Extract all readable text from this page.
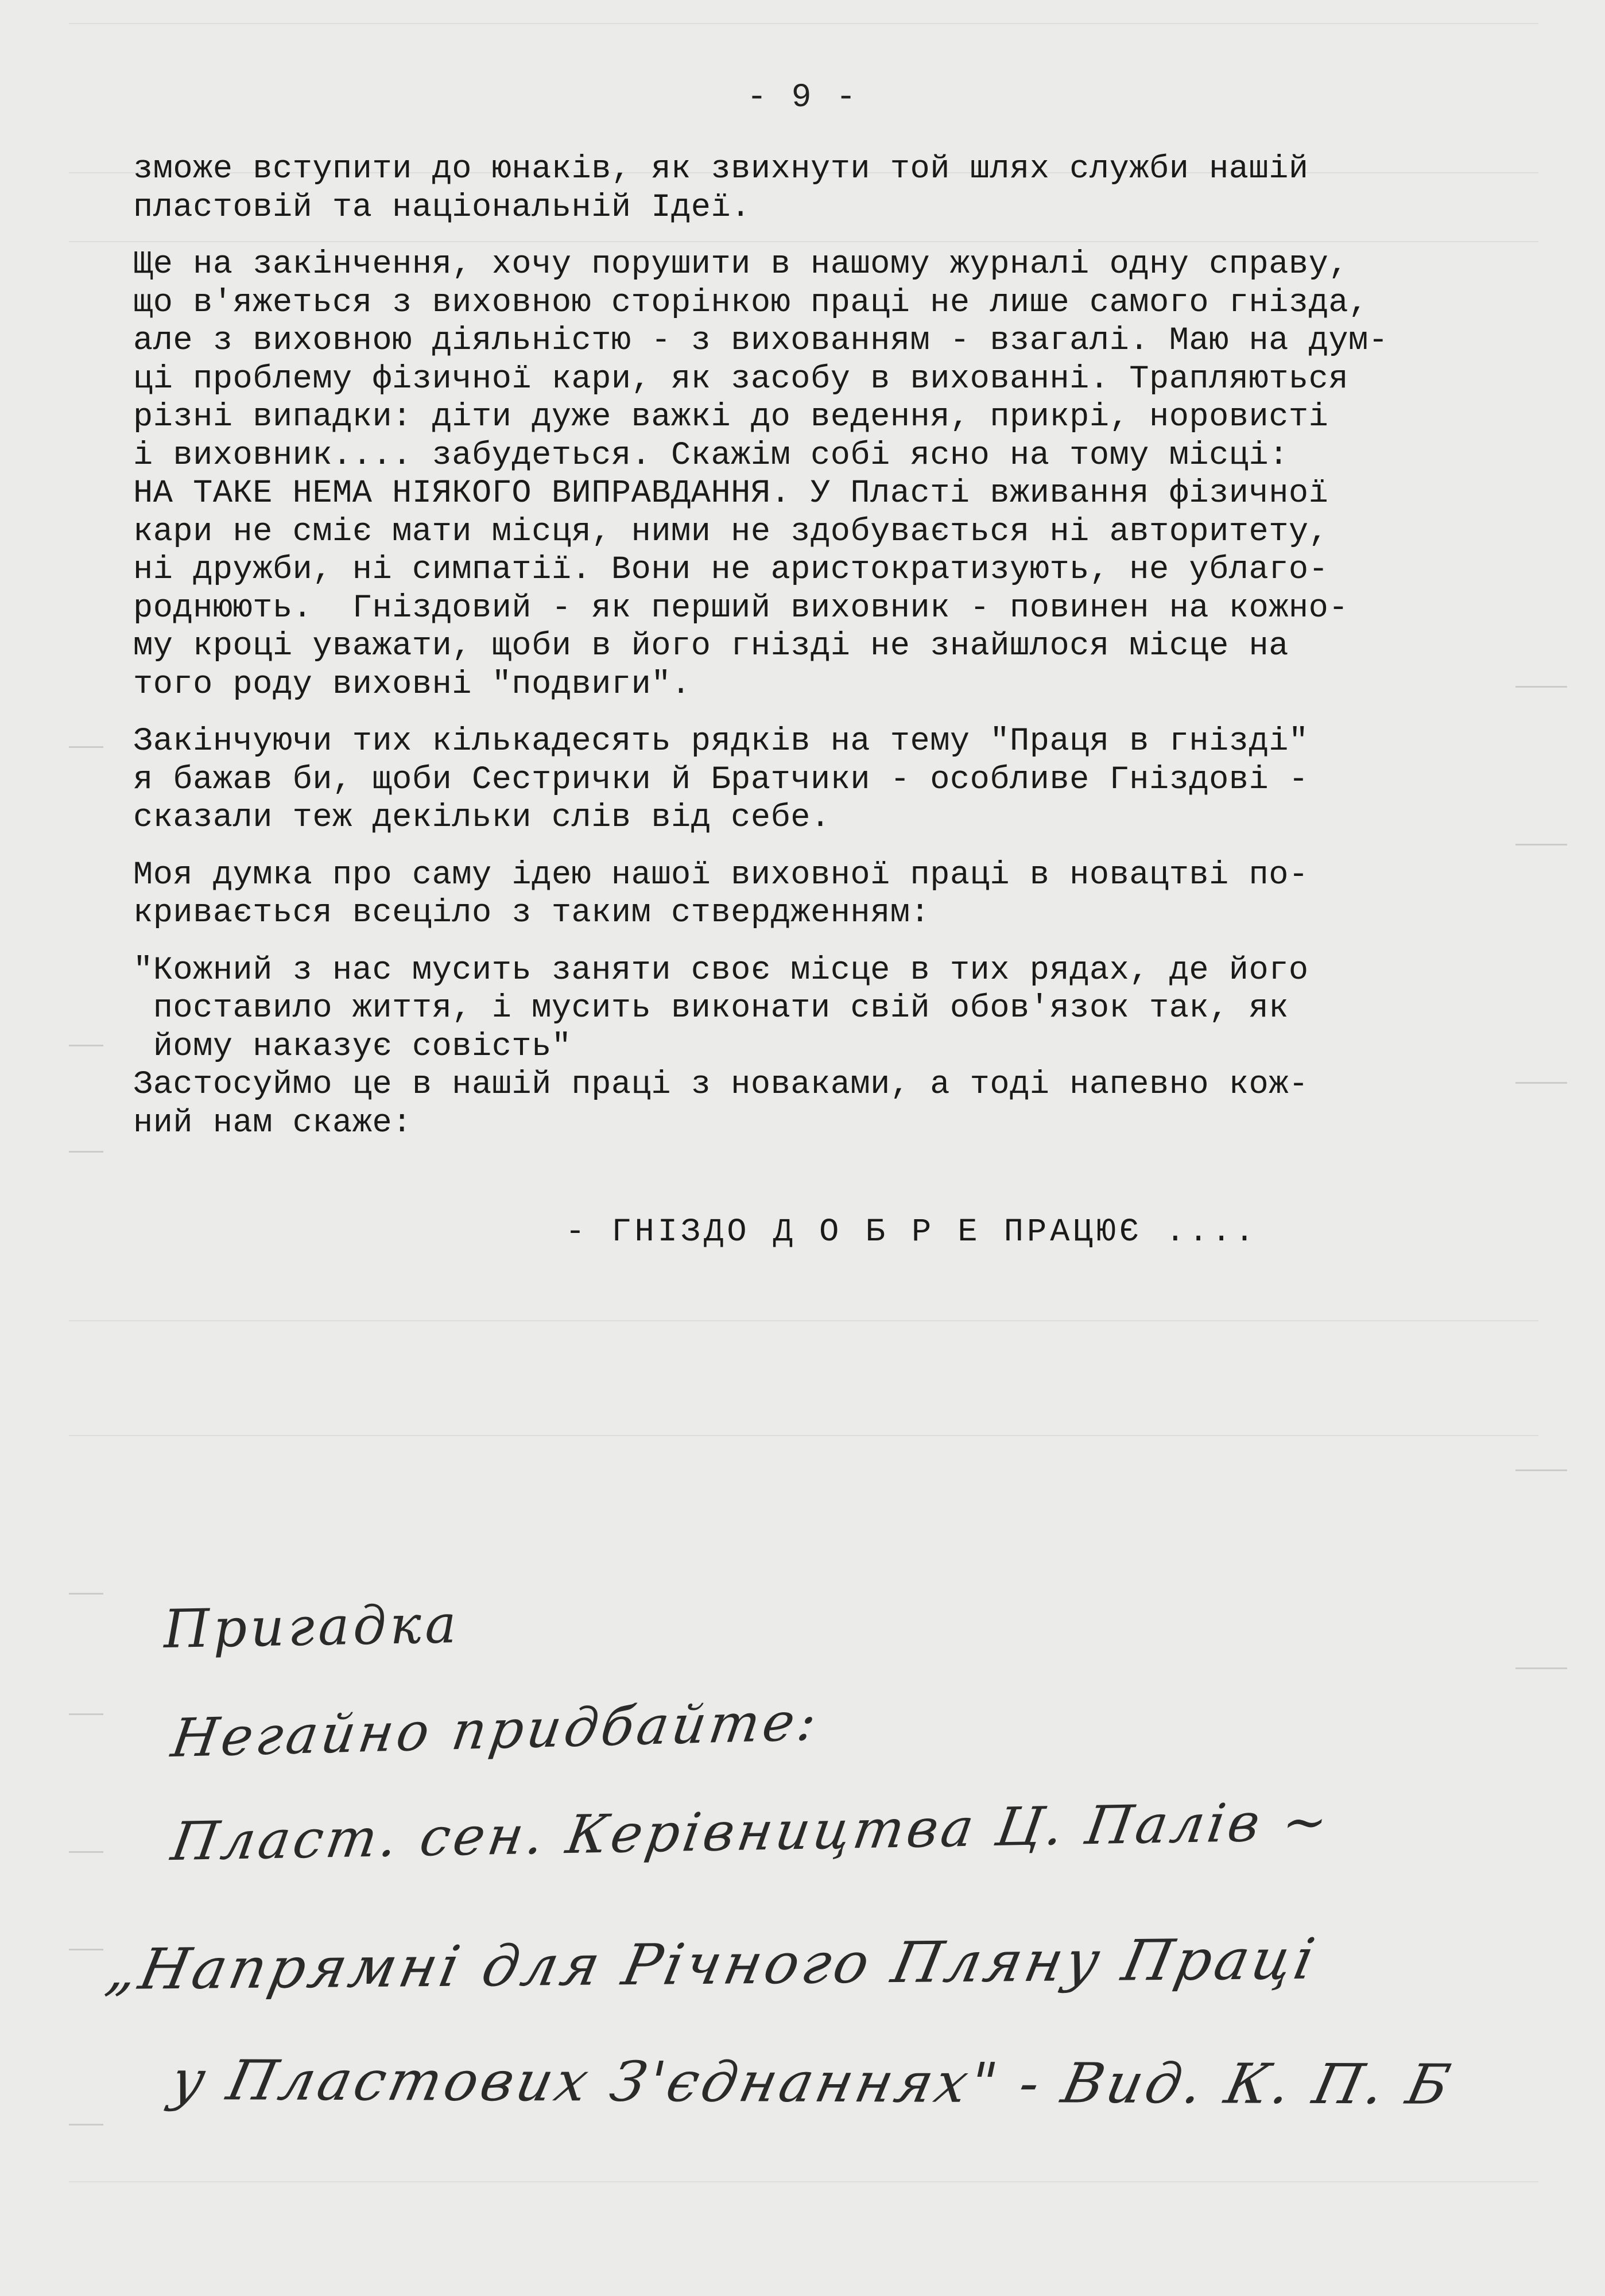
- 9 -

зможе вступити до юнаків, як звихнути той шлях служби нашій
пластовій та національній Ідеї.

Ще на закінчення, хочу порушити в нашому журналі одну справу,
що в'яжеться з виховною сторінкою праці не лише самого гнізда,
але з виховною діяльністю - з вихованням - взагалі. Маю на дум-
ці проблему фізичної кари, як засобу в вихованні. Трапляються
різні випадки: діти дуже важкі до ведення, прикрі, норовисті
і виховник.... забудеться. Скажім собі ясно на тому місці:
НА ТАКЕ НЕМА НІЯКОГО ВИПРАВДАННЯ. У Пласті вживання фізичної
кари не сміє мати місця, ними не здобувається ні авторитету,
ні дружби, ні симпатії. Вони не аристократизують, не ублаго-
роднюють.  Гніздовий - як перший виховник - повинен на кожно-
му кроці уважати, щоби в його гнізді не знайшлося місце на
того роду виховні "подвиги".

Закінчуючи тих кількадесять рядків на тему "Праця в гнізді"
я бажав би, щоби Сестрички й Братчики - особливе Гніздові -
сказали теж декільки слів від себе.

Моя думка про саму ідею нашої виховної праці в новацтві по-
кривається всеціло з таким ствердженням:

"Кожний з нас мусить заняти своє місце в тих рядах, де його
поставило життя, і мусить виконати свій обов'язок так, як
йому наказує совість"

Застосуймо це в нашій праці з новаками, а тоді напевно кож-
ний нам скаже:

- ГНІЗДО Д О Б Р Е ПРАЦЮЄ ....
Пригадка
Негайно придбайте:
Пласт. сен. Керівництва Ц. Палів ~
„Напрямні для Річного Пляну Праці
у Пластових З'єднаннях" - Вид. К. П. Б
